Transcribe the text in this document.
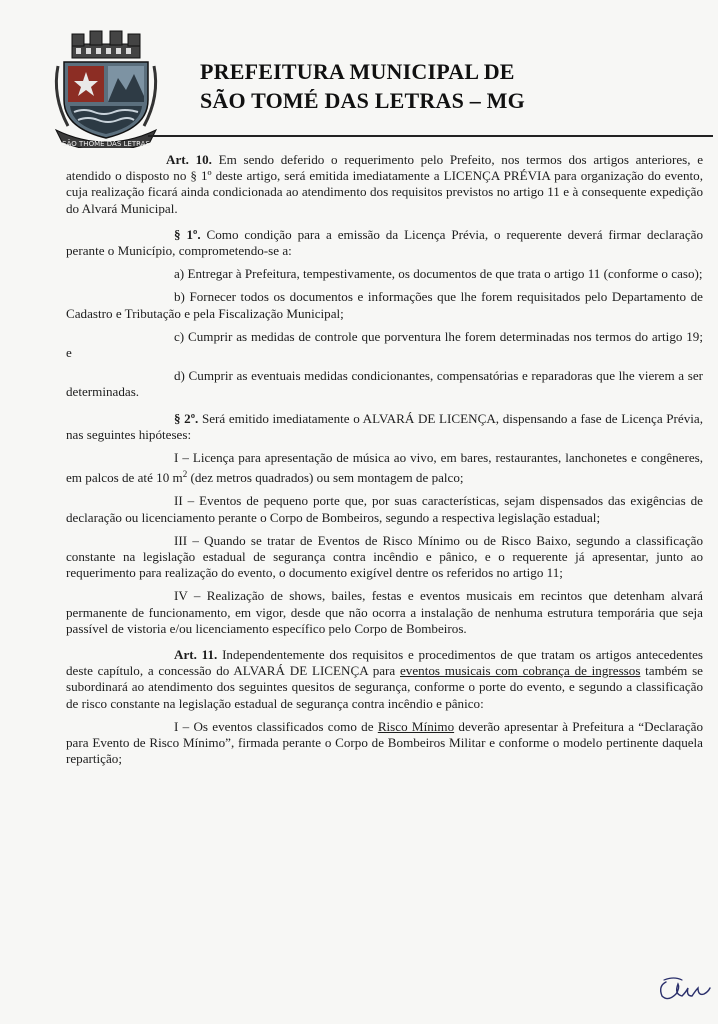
SÃO THOMÉ DAS LETRAS
PREFEITURA MUNICIPAL DE
SÃO TOMÉ DAS LETRAS – MG

Art. 10. Em sendo deferido o requerimento pelo Prefeito, nos termos dos artigos anteriores, e atendido o disposto no § 1º deste artigo, será emitida imediatamente a LICENÇA PRÉVIA para organização do evento, cuja realização ficará ainda condicionada ao atendimento dos requisitos previstos no artigo 11 e à consequente expedição do Alvará Municipal.

§ 1º. Como condição para a emissão da Licença Prévia, o requerente deverá firmar declaração perante o Município, comprometendo-se a:

a) Entregar à Prefeitura, tempestivamente, os documentos de que trata o artigo 11 (conforme o caso);

b) Fornecer todos os documentos e informações que lhe forem requisitados pelo Departamento de Cadastro e Tributação e pela Fiscalização Municipal;

c) Cumprir as medidas de controle que porventura lhe forem determinadas nos termos do artigo 19; e

d) Cumprir as eventuais medidas condicionantes, compensatórias e reparadoras que lhe vierem a ser determinadas.

§ 2º. Será emitido imediatamente o ALVARÁ DE LICENÇA, dispensando a fase de Licença Prévia, nas seguintes hipóteses:

I – Licença para apresentação de música ao vivo, em bares, restaurantes, lanchonetes e congêneres, em palcos de até 10 $m^2$ (dez metros quadrados) ou sem montagem de palco;

II – Eventos de pequeno porte que, por suas características, sejam dispensados das exigências de declaração ou licenciamento perante o Corpo de Bombeiros, segundo a respectiva legislação estadual;

III – Quando se tratar de Eventos de Risco Mínimo ou de Risco Baixo, segundo a classificação constante na legislação estadual de segurança contra incêndio e pânico, e o requerente já apresentar, junto ao requerimento para realização do evento, o documento exigível dentre os referidos no artigo 11;

IV – Realização de shows, bailes, festas e eventos musicais em recintos que detenham alvará permanente de funcionamento, em vigor, desde que não ocorra a instalação de nenhuma estrutura temporária que seja passível de vistoria e/ou licenciamento específico pelo Corpo de Bombeiros.

Art. 11. Independentemente dos requisitos e procedimentos de que tratam os artigos antecedentes deste capítulo, a concessão do ALVARÁ DE LICENÇA para eventos musicais com cobrança de ingressos também se subordinará ao atendimento dos seguintes quesitos de segurança, conforme o porte do evento, e segundo a classificação de risco constante na legislação estadual de segurança contra incêndio e pânico:

I – Os eventos classificados como de Risco Mínimo deverão apresentar à Prefeitura a “Declaração para Evento de Risco Mínimo”, firmada perante o Corpo de Bombeiros Militar e conforme o modelo pertinente daquela repartição;
